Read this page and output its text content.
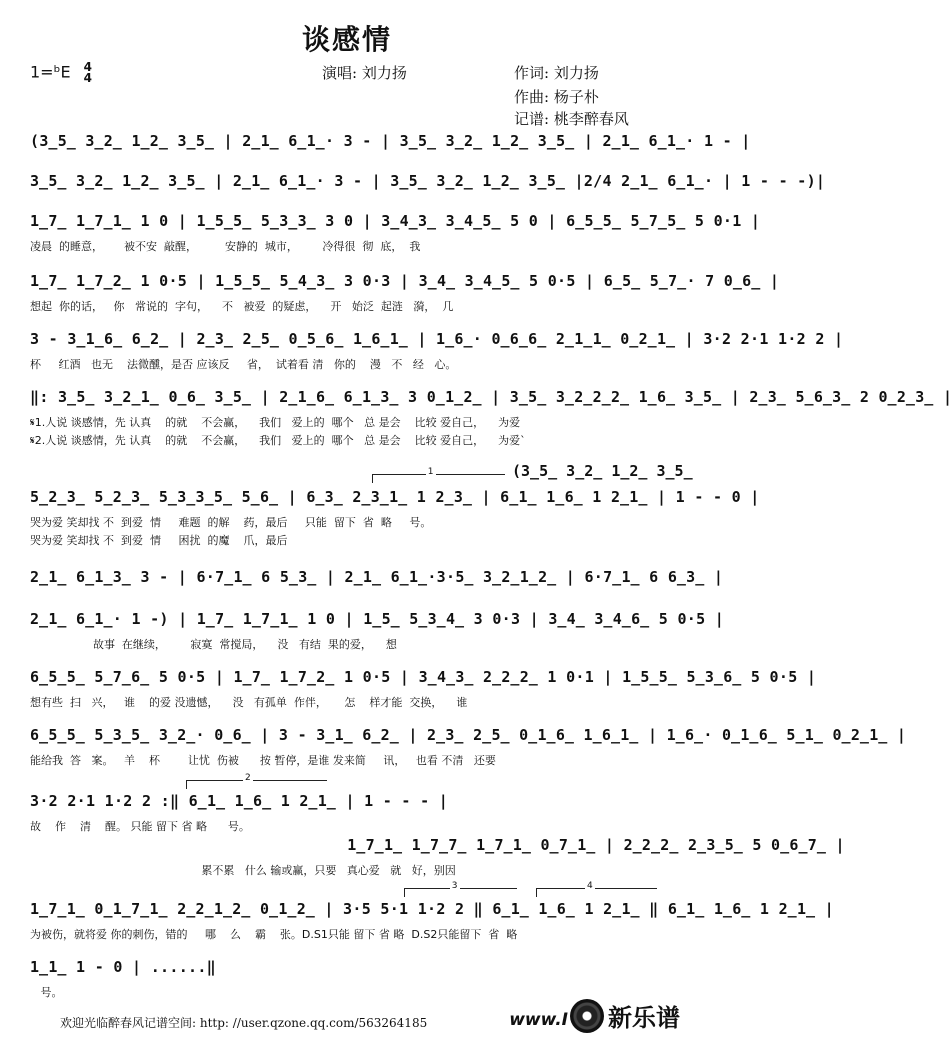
谈感情
1=ᵇE 4
4	演唱: 刘力扬	作词: 刘力扬
作曲: 杨子朴
记谱: 桃李醉春风
(3̲5̲ 3̲2̲ 1̲2̲ 3̲5̲ | 2̲1̲ 6̲1̲· 3 - | 3̲5̲ 3̲2̲ 1̲2̲ 3̲5̲ | 2̲1̲ 6̲1̲· 1 - |
3̲5̲ 3̲2̲ 1̲2̲ 3̲5̲ | 2̲1̲ 6̲1̲· 3 - | 3̲5̲ 3̲2̲ 1̲2̲ 3̲5̲ |2/4 2̲1̲ 6̲1̲· | 1 - - -)|
1̲7̲ 1̲7̲1̲ 1 0 | 1̲5̲5̲ 5̲3̲3̲ 3 0 | 3̲4̲3̲ 3̲4̲5̲ 5 0 | 6̲5̲5̲ 5̲7̲5̲ 5 0·1 |
凌晨  的睡意，      被不安  敲醒，        安静的  城市，       冷得很  彻  底，  我
1̲7̲ 1̲7̲2̲ 1 0·5 | 1̲5̲5̲ 5̲4̲3̲ 3 0·3 | 3̲4̲ 3̲4̲5̲ 5 0·5 | 6̲5̲ 5̲7̲· 7 0̲6̲ |
想起  你的话，   你   常说的  字句，    不   被爱  的疑虑，    开   始泛  起涟   漪，  几
3 - 3̲1̲6̲ 6̲2̲ | 2̲3̲ 2̲5̲ 0̲5̲6̲ 1̲6̲1̲ | 1̲6̲· 0̲6̲6̲ 2̲1̲1̲ 0̲2̲1̲ | 3·2 2·1 1·2 2 |
杯     红酒   也无    法微醺，是否 应该反     省，  试着看 清   你的    漫   不   经   心。
‖: 3̲5̲ 3̲2̲1̲ 0̲6̲ 3̲5̲ | 2̲1̲6̲ 6̲1̲3̲ 3 0̲1̲2̲ | 3̲5̲ 3̲2̲2̲2̲ 1̲6̲ 3̲5̲ | 2̲3̲ 5̲6̲3̲ 2 0̲2̲3̲ |
𝄋1.人说 谈感情，先 认真    的就    不会赢，    我们   爱上的  哪个   总 是会    比较 爱自己，    为爱
𝄋2.人说 谈感情，先 认真    的就    不会赢，    我们   爱上的  哪个   总 是会    比较 爱自己，    为爱`
1	(3̲5̲ 3̲2̲ 1̲2̲ 3̲5̲
5̲2̲3̲ 5̲2̲3̲ 5̲3̲3̲5̲ 5̲6̲ | 6̲3̲ 2̲3̲1̲ 1 2̲3̲ | 6̲1̲ 1̲6̲ 1 2̲1̲ | 1 - - 0 |
哭为爱 笑却找 不  到爱  情     难题  的解    药，最后     只能  留下  省  略     号。
哭为爱 笑却找 不  到爱  情     困扰  的魔    爪，最后
2̲1̲ 6̲1̲3̲ 3 - | 6·7̲1̲ 6 5̲3̲ | 2̲1̲ 6̲1̲·3·5̲ 3̲2̲1̲2̲ | 6·7̲1̲ 6 6̲3̲ |
2̲1̲ 6̲1̲· 1 -) | 1̲7̲ 1̲7̲1̲ 1 0 | 1̲5̲ 5̲3̲4̲ 3 0·3 | 3̲4̲ 3̲4̲6̲ 5 0·5 |
故事  在继续，       寂寞  常搅局，    没   有结  果的爱，    想
6̲5̲5̲ 5̲7̲6̲ 5 0·5 | 1̲7̲ 1̲7̲2̲ 1 0·5 | 3̲4̲3̲ 2̲2̲2̲ 1 0·1 | 1̲5̲5̲ 5̲3̲6̲ 5 0·5 |
想有些  扫   兴，   谁    的爱 没遗憾，    没   有孤单  作伴，     怎    样才能  交换，    谁
6̲5̲5̲ 5̲3̲5̲ 3̲2̲· 0̲6̲ | 3 - 3̲1̲ 6̲2̲ | 2̲3̲ 2̲5̲ 0̲1̲6̲ 1̲6̲1̲ | 1̲6̲· 0̲1̲6̲ 5̲1̲ 0̲2̲1̲ |
能给我  答   案。   羊    杯        让忧  伤被      按 暂停，是谁 发来简     讯，   也看 不清   还要
2
3·2 2·1 1·2 2 :‖ 6̲1̲ 1̲6̲ 1 2̲1̲ | 1 - - - |
故    作    清    醒。 只能 留下 省 略      号。
1̲7̲1̲ 1̲7̲7̲ 1̲7̲1̲ 0̲7̲1̲ | 2̲2̲2̲ 2̲3̲5̲ 5 0̲6̲7̲ |
累不累   什么 输或赢，只要   真心爱   就   好，别因
3	4
1̲7̲1̲ 0̲1̲7̲1̲ 2̲2̲1̲2̲ 0̲1̲2̲ | 3·5 5·1 1·2 2 ‖ 6̲1̲ 1̲6̲ 1 2̲1̲ ‖ 6̲1̲ 1̲6̲ 1 2̲1̲ |
为被伤，就将爱 你的刺伤，错的     哪    么    霸    张。D.S1只能 留下 省 略  D.S2只能留下  省  略
1̲1̲ 1 - 0 | ......‖
号。
欢迎光临醉春风记谱空间: http: //user.qzone.qq.com/563264185	www.I 新乐谱
